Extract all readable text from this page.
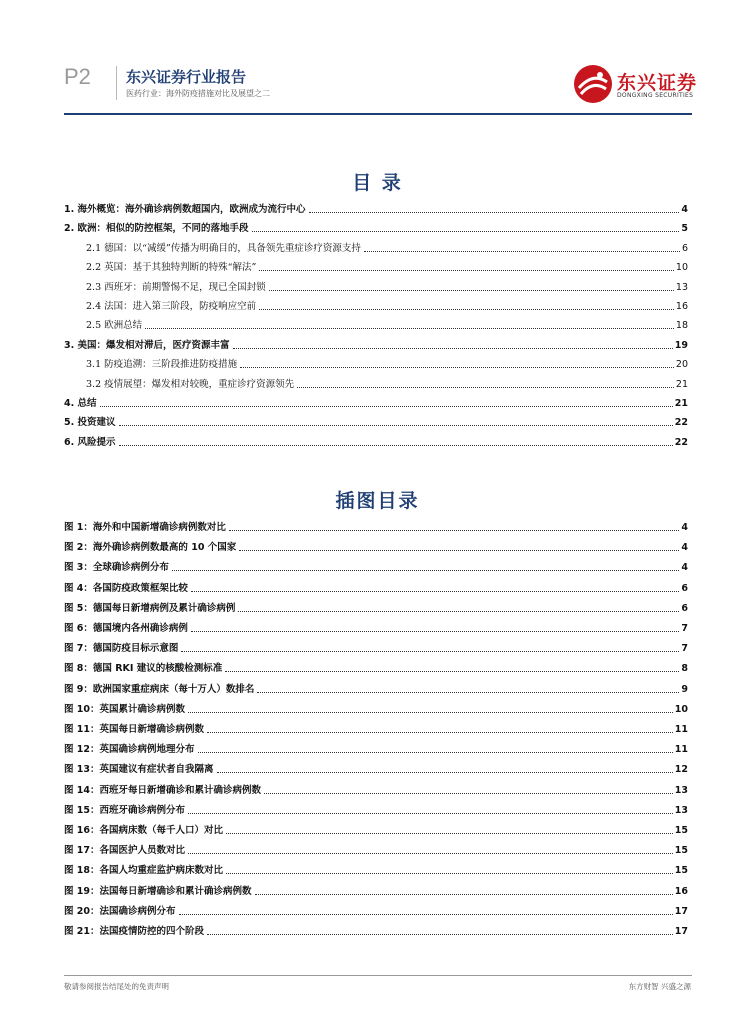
P2 东兴证券行业报告
医药行业：海外防疫措施对比及展望之二	东兴证券
DONGXING SECURITIES
目 录
1. 海外概览：海外确诊病例数超国内，欧洲成为流行中心	4
2. 欧洲：相似的防控框架，不同的落地手段	5
2.1 德国：以“减缓”传播为明确目的，具备领先重症诊疗资源支持	6
2.2 英国：基于其独特判断的特殊“解法”	10
2.3 西班牙：前期警惕不足，现已全国封锁	13
2.4 法国：进入第三阶段，防疫响应空前	16
2.5 欧洲总结	18
3. 美国：爆发相对滞后，医疗资源丰富	19
3.1 防疫追溯：三阶段推进防疫措施	20
3.2 疫情展望：爆发相对较晚，重症诊疗资源领先	21
4. 总结	21
5. 投资建议	22
6. 风险提示	22
插图目录
图 1：海外和中国新增确诊病例数对比	4
图 2：海外确诊病例数最高的 10 个国家	4
图 3：全球确诊病例分布	4
图 4：各国防疫政策框架比较	6
图 5：德国每日新增病例及累计确诊病例	6
图 6：德国境内各州确诊病例	7
图 7：德国防疫目标示意图	7
图 8：德国 RKI 建议的核酸检测标准	8
图 9：欧洲国家重症病床（每十万人）数排名	9
图 10：英国累计确诊病例数	10
图 11：英国每日新增确诊病例数	11
图 12：英国确诊病例地理分布	11
图 13：英国建议有症状者自我隔离	12
图 14：西班牙每日新增确诊和累计确诊病例数	13
图 15：西班牙确诊病例分布	13
图 16：各国病床数（每千人口）对比	15
图 17：各国医护人员数对比	15
图 18：各国人均重症监护病床数对比	15
图 19：法国每日新增确诊和累计确诊病例数	16
图 20：法国确诊病例分布	17
图 21：法国疫情防控的四个阶段	17
敬请参阅报告结尾处的免责声明	东方财智 兴盛之源
